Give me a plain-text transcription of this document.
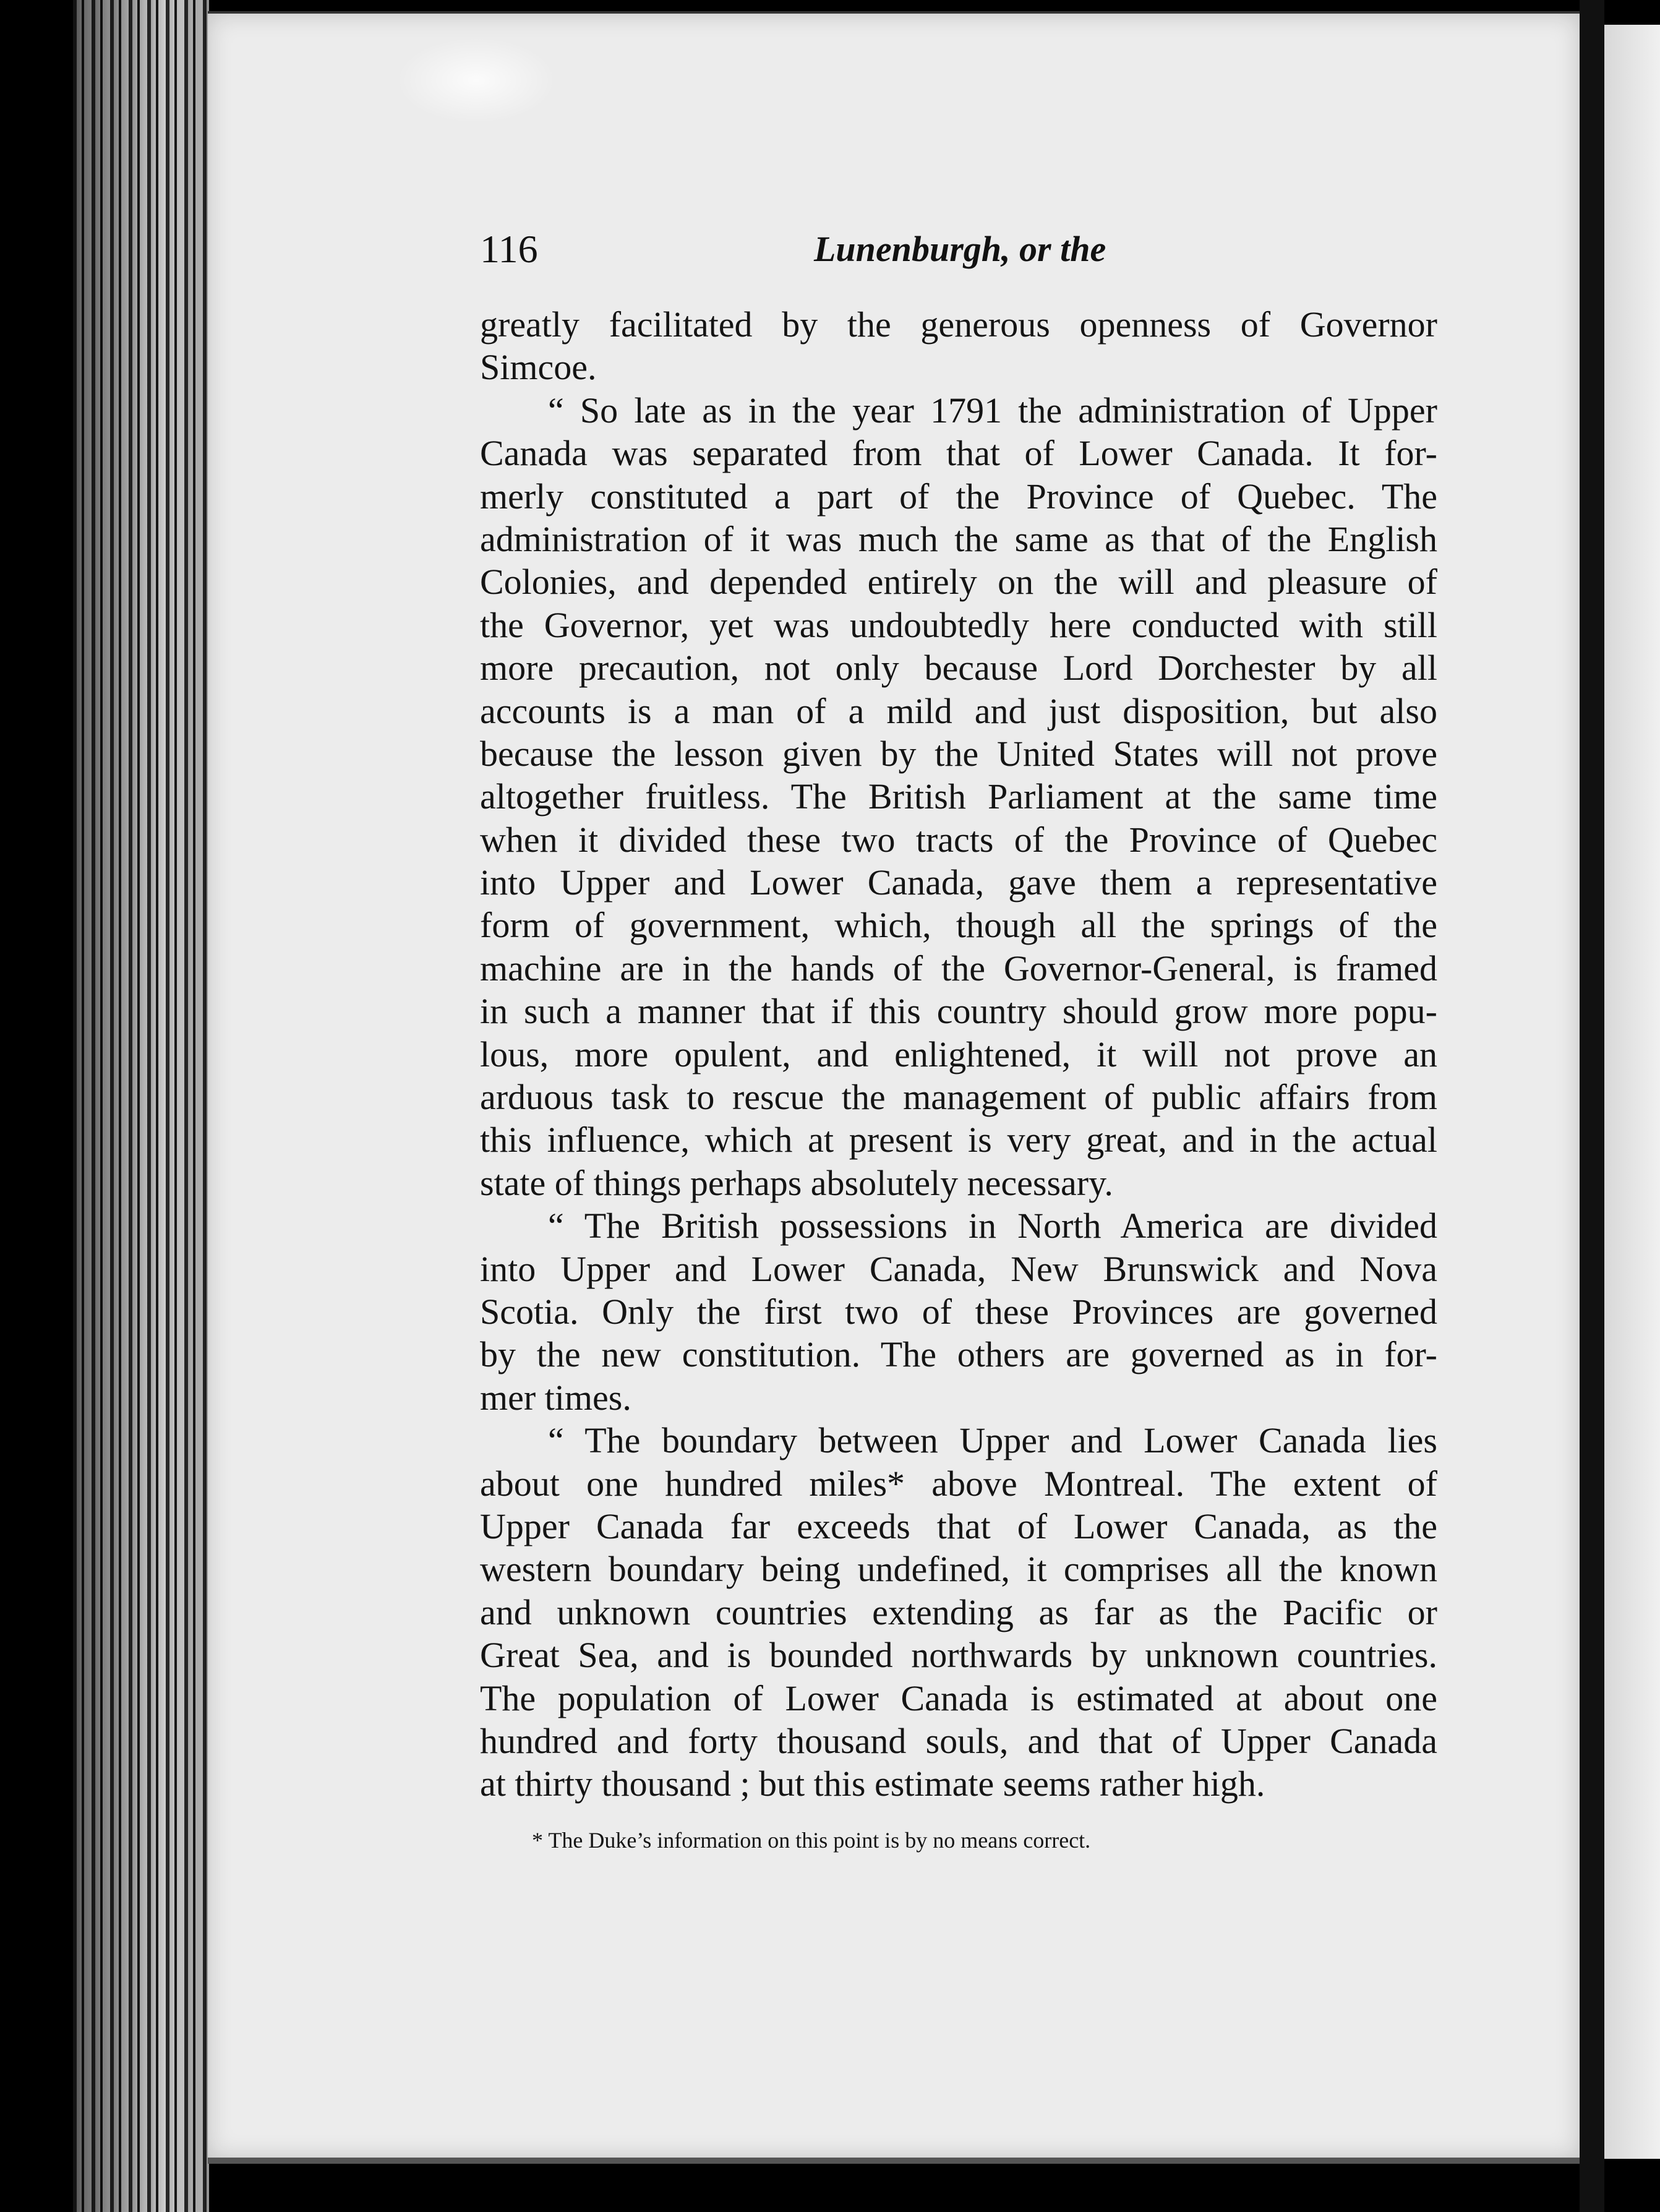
116	Lunenburgh, or the
greatly facilitated by the generous openness of Governor
Simcoe.
“ So late as in the year 1791 the administration of Upper
Canada was separated from that of Lower Canada. It for-
merly constituted a part of the Province of Quebec. The
administration of it was much the same as that of the English
Colonies, and depended entirely on the will and pleasure of
the Governor, yet was undoubtedly here conducted with still
more precaution, not only because Lord Dorchester by all
accounts is a man of a mild and just disposition, but also
because the lesson given by the United States will not prove
altogether fruitless. The British Parliament at the same time
when it divided these two tracts of the Province of Quebec
into Upper and Lower Canada, gave them a representative
form of government, which, though all the springs of the
machine are in the hands of the Governor-General, is framed
in such a manner that if this country should grow more popu-
lous, more opulent, and enlightened, it will not prove an
arduous task to rescue the management of public affairs from
this influence, which at present is very great, and in the actual
state of things perhaps absolutely necessary.
“ The British possessions in North America are divided
into Upper and Lower Canada, New Brunswick and Nova
Scotia. Only the first two of these Provinces are governed
by the new constitution. The others are governed as in for-
mer times.
“ The boundary between Upper and Lower Canada lies
about one hundred miles* above Montreal. The extent of
Upper Canada far exceeds that of Lower Canada, as the
western boundary being undefined, it comprises all the known
and unknown countries extending as far as the Pacific or
Great Sea, and is bounded northwards by unknown countries.
The population of Lower Canada is estimated at about one
hundred and forty thousand souls, and that of Upper Canada
at thirty thousand ; but this estimate seems rather high.
* The Duke’s information on this point is by no means correct.
